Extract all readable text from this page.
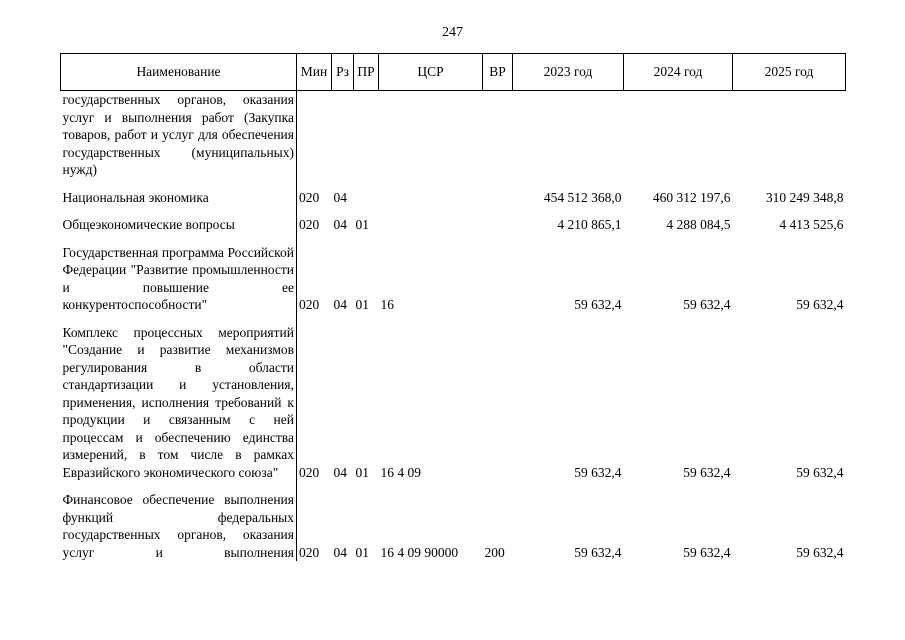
247
Наименование	Мин	Рз	ПР	ЦСР	ВР	2023 год	2024 год	2025 год
государственных органов, оказания услуг и выполнения работ (Закупка товаров, работ и услуг для обеспечения государственных (муниципальных) нужд)								

Национальная экономика	020	04				454 512 368,0	460 312 197,6	310 249 348,8

Общеэкономические вопросы	020	04	01			4 210 865,1	4 288 084,5	4 413 525,6

Государственная программа Российской Федерации "Развитие промышленности и повышение ее конкурентоспособности"	020	04	01	16		59 632,4	59 632,4	59 632,4

Комплекс процессных мероприятий "Создание и развитие механизмов регулирования в области стандартизации и установления, применения, исполнения требований к продукции и связанным с ней процессам и обеспечению единства измерений, в том числе в рамках Евразийского экономического союза"	020	04	01	16 4 09		59 632,4	59 632,4	59 632,4

Финансовое обеспечение выполнения функций федеральных государственных органов, оказания услуг и выполнения	020	04	01	16 4 09 90000	200	59 632,4	59 632,4	59 632,4
